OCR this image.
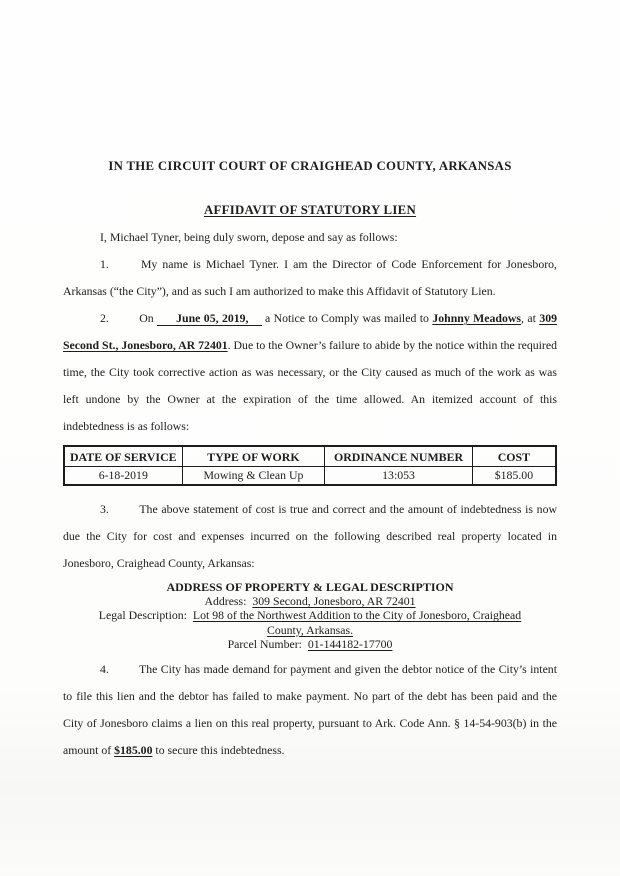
IN THE CIRCUIT COURT OF CRAIGHEAD COUNTY, ARKANSAS
AFFIDAVIT OF STATUTORY LIEN

I, Michael Tyner, being duly sworn, depose and say as follows:

1.	My name is Michael Tyner. I am the Director of Code Enforcement for Jonesboro, Arkansas (“the City”), and as such I am authorized to make this Affidavit of Statutory Lien.

2.	On June 05, 2019, a Notice to Comply was mailed to Johnny Meadows, at 309 Second St., Jonesboro, AR 72401. Due to the Owner’s failure to abide by the notice within the required time, the City took corrective action as was necessary, or the City caused as much of the work as was left undone by the Owner at the expiration of the time allowed. An itemized account of this indebtedness is as follows:

DATE OF SERVICE	TYPE OF WORK	ORDINANCE NUMBER	COST
6-18-2019	Mowing & Clean Up	13:053	$185.00

3.	The above statement of cost is true and correct and the amount of indebtedness is now due the City for cost and expenses incurred on the following described real property located in Jonesboro, Craighead County, Arkansas:

ADDRESS OF PROPERTY & LEGAL DESCRIPTION
Address: 309 Second, Jonesboro, AR 72401
Legal Description: Lot 98 of the Northwest Addition to the City of Jonesboro, Craighead
County, Arkansas.
Parcel Number: 01-144182-17700

4.	The City has made demand for payment and given the debtor notice of the City’s intent to file this lien and the debtor has failed to make payment. No part of the debt has been paid and the City of Jonesboro claims a lien on this real property, pursuant to Ark. Code Ann. § 14-54-903(b) in the amount of $185.00 to secure this indebtedness.
